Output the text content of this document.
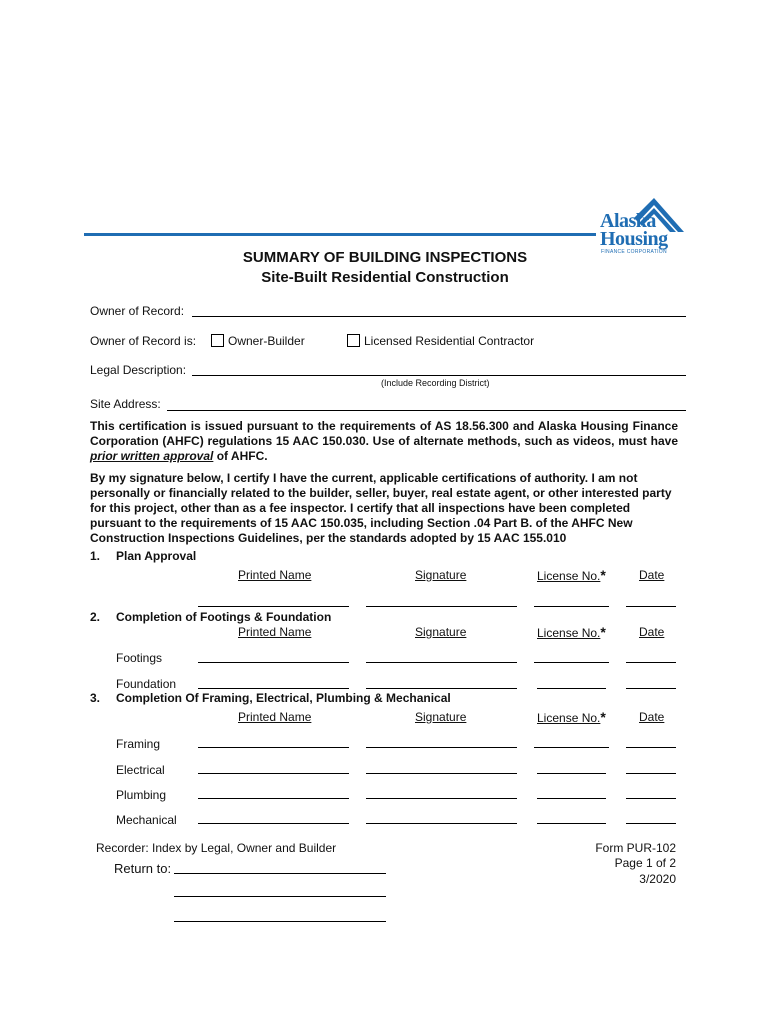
Alaska
Housing
FINANCE CORPORATION
SUMMARY OF BUILDING INSPECTIONS
Site-Built Residential Construction
Owner of Record:
Owner of Record is:	Owner-Builder	Licensed Residential Contractor
Legal Description:
(Include Recording District)
Site Address:
This certification is issued pursuant to the requirements of AS 18.56.300 and Alaska Housing Finance Corporation (AHFC) regulations 15 AAC 150.030. Use of alternate methods, such as videos, must have prior written approval of AHFC.
By my signature below, I certify I have the current, applicable certifications of authority. I am not personally or financially related to the builder, seller, buyer, real estate agent, or other interested party for this project, other than as a fee inspector. I certify that all inspections have been completed pursuant to the requirements of 15 AAC 150.035, including Section .04 Part B. of the AHFC New Construction Inspections Guidelines, per the standards adopted by 15 AAC 155.010
1. Plan Approval
Printed Name	Signature	License No.*	Date
2. Completion of Footings & Foundation
Printed Name	Signature	License No.*	Date
Footings
Foundation
3. Completion Of Framing, Electrical, Plumbing & Mechanical
Printed Name	Signature	License No.*	Date
Framing
Electrical
Plumbing
Mechanical
Recorder: Index by Legal, Owner and Builder
Return to:
Form PUR-102
Page 1 of 2
3/2020
